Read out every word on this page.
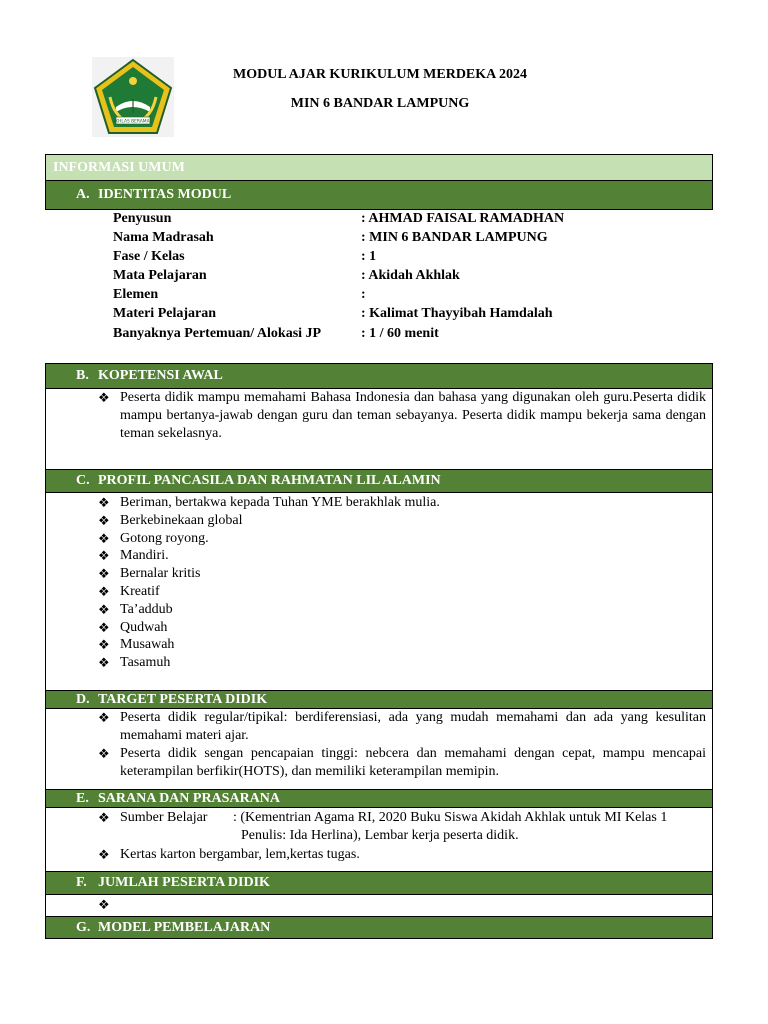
IKHLAS BERAMAL
MODUL AJAR KURIKULUM MERDEKA 2024
MIN 6 BANDAR LAMPUNG
INFORMASI UMUM
A. IDENTITAS MODUL
Penyusun	: AHMAD FAISAL RAMADHAN
Nama Madrasah	: MIN 6 BANDAR LAMPUNG
Fase / Kelas	: 1
Mata Pelajaran	: Akidah Akhlak
Elemen	:
Materi Pelajaran	: Kalimat Thayyibah Hamdalah
Banyaknya Pertemuan/ Alokasi JP	: 1 / 60 menit
B. KOPETENSI AWAL
❖ Peserta didik mampu memahami Bahasa Indonesia dan bahasa yang digunakan oleh guru.Peserta didik mampu bertanya-jawab dengan guru dan teman sebayanya. Peserta didik mampu bekerja sama dengan teman sekelasnya.
C. PROFIL PANCASILA DAN RAHMATAN LIL ALAMIN
❖ Beriman, bertakwa kepada Tuhan YME berakhlak mulia.
❖ Berkebinekaan global
❖ Gotong royong.
❖ Mandiri.
❖ Bernalar kritis
❖ Kreatif
❖ Ta’addub
❖ Qudwah
❖ Musawah
❖ Tasamuh
D. TARGET PESERTA DIDIK
❖ Peserta didik regular/tipikal: berdiferensiasi, ada yang mudah memahami dan ada yang kesulitan memahami materi ajar.
❖ Peserta didik sengan pencapaian tinggi: nebcera dan memahami dengan cepat, mampu mencapai keterampilan berfikir(HOTS), dan memiliki keterampilan memipin.
E. SARANA DAN PRASARANA
❖ Sumber Belajar	: (Kementrian Agama RI, 2020 Buku Siswa Akidah Akhlak untuk MI Kelas 1
Penulis: Ida Herlina), Lembar kerja peserta didik.
❖ Kertas karton bergambar, lem,kertas tugas.
F. JUMLAH PESERTA DIDIK
❖
G. MODEL PEMBELAJARAN
